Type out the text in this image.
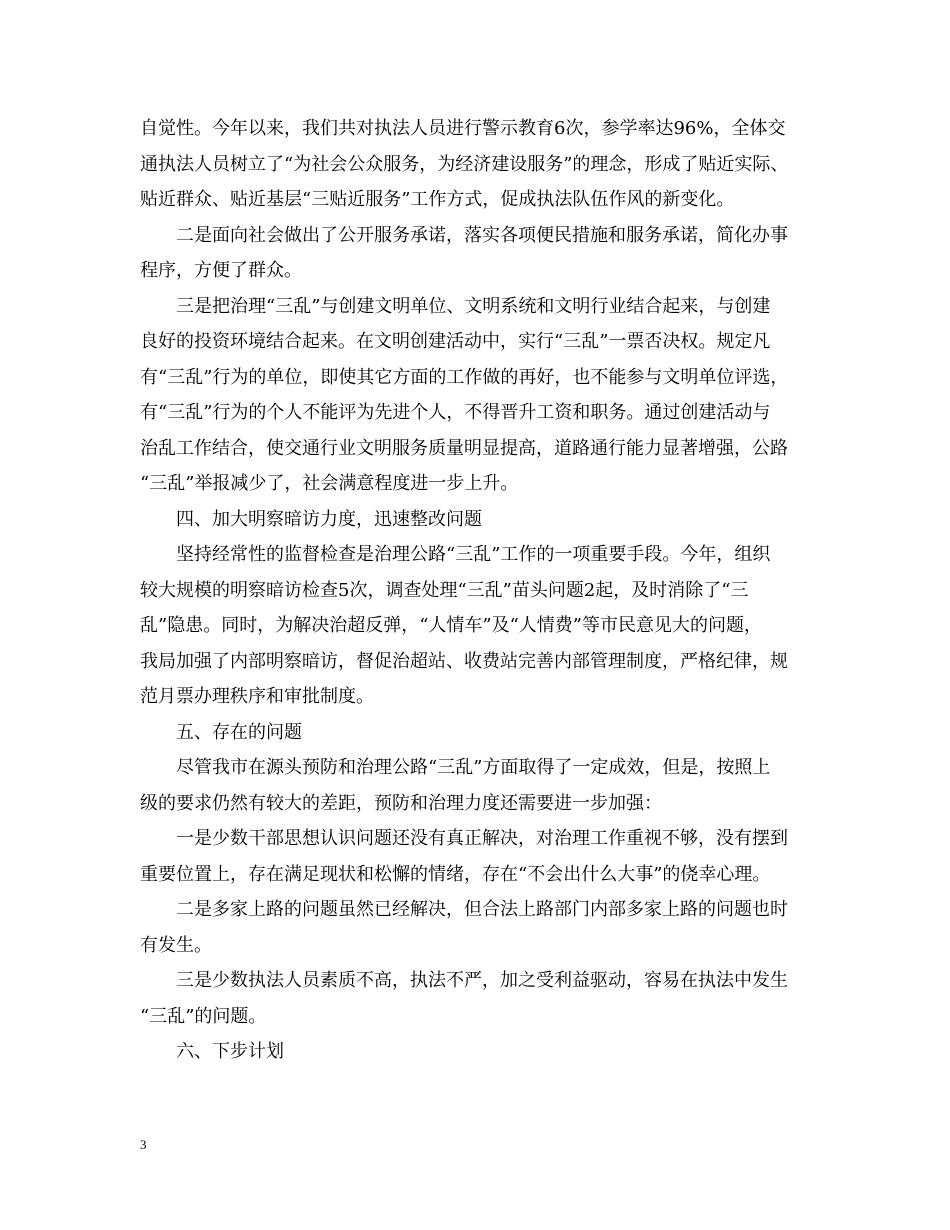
自觉性。今年以来，我们共对执法人员进行警示教育6次，参学率达96%，全体交
通执法人员树立了“为社会公众服务，为经济建设服务”的理念，形成了贴近实际、
贴近群众、贴近基层“三贴近服务”工作方式，促成执法队伍作风的新变化。
二是面向社会做出了公开服务承诺，落实各项便民措施和服务承诺，简化办事
程序，方便了群众。
三是把治理“三乱”与创建文明单位、文明系统和文明行业结合起来，与创建
良好的投资环境结合起来。在文明创建活动中，实行“三乱”一票否决权。规定凡
有“三乱”行为的单位，即使其它方面的工作做的再好，也不能参与文明单位评选，
有“三乱”行为的个人不能评为先进个人，不得晋升工资和职务。通过创建活动与
治乱工作结合，使交通行业文明服务质量明显提高，道路通行能力显著增强，公路
“三乱”举报减少了，社会满意程度进一步上升。
四、加大明察暗访力度，迅速整改问题
坚持经常性的监督检查是治理公路“三乱”工作的一项重要手段。今年，组织
较大规模的明察暗访检查5次，调查处理“三乱”苗头问题2起，及时消除了“三
乱”隐患。同时，为解决治超反弹，“人情车”及“人情费”等市民意见大的问题，
我局加强了内部明察暗访，督促治超站、收费站完善内部管理制度，严格纪律，规
范月票办理秩序和审批制度。
五、存在的问题
尽管我市在源头预防和治理公路“三乱”方面取得了一定成效，但是，按照上
级的要求仍然有较大的差距，预防和治理力度还需要进一步加强：
一是少数干部思想认识问题还没有真正解决，对治理工作重视不够，没有摆到
重要位置上，存在满足现状和松懈的情绪，存在“不会出什么大事”的侥幸心理。
二是多家上路的问题虽然已经解决，但合法上路部门内部多家上路的问题也时
有发生。
三是少数执法人员素质不高，执法不严，加之受利益驱动，容易在执法中发生
“三乱”的问题。
六、下步计划
3
